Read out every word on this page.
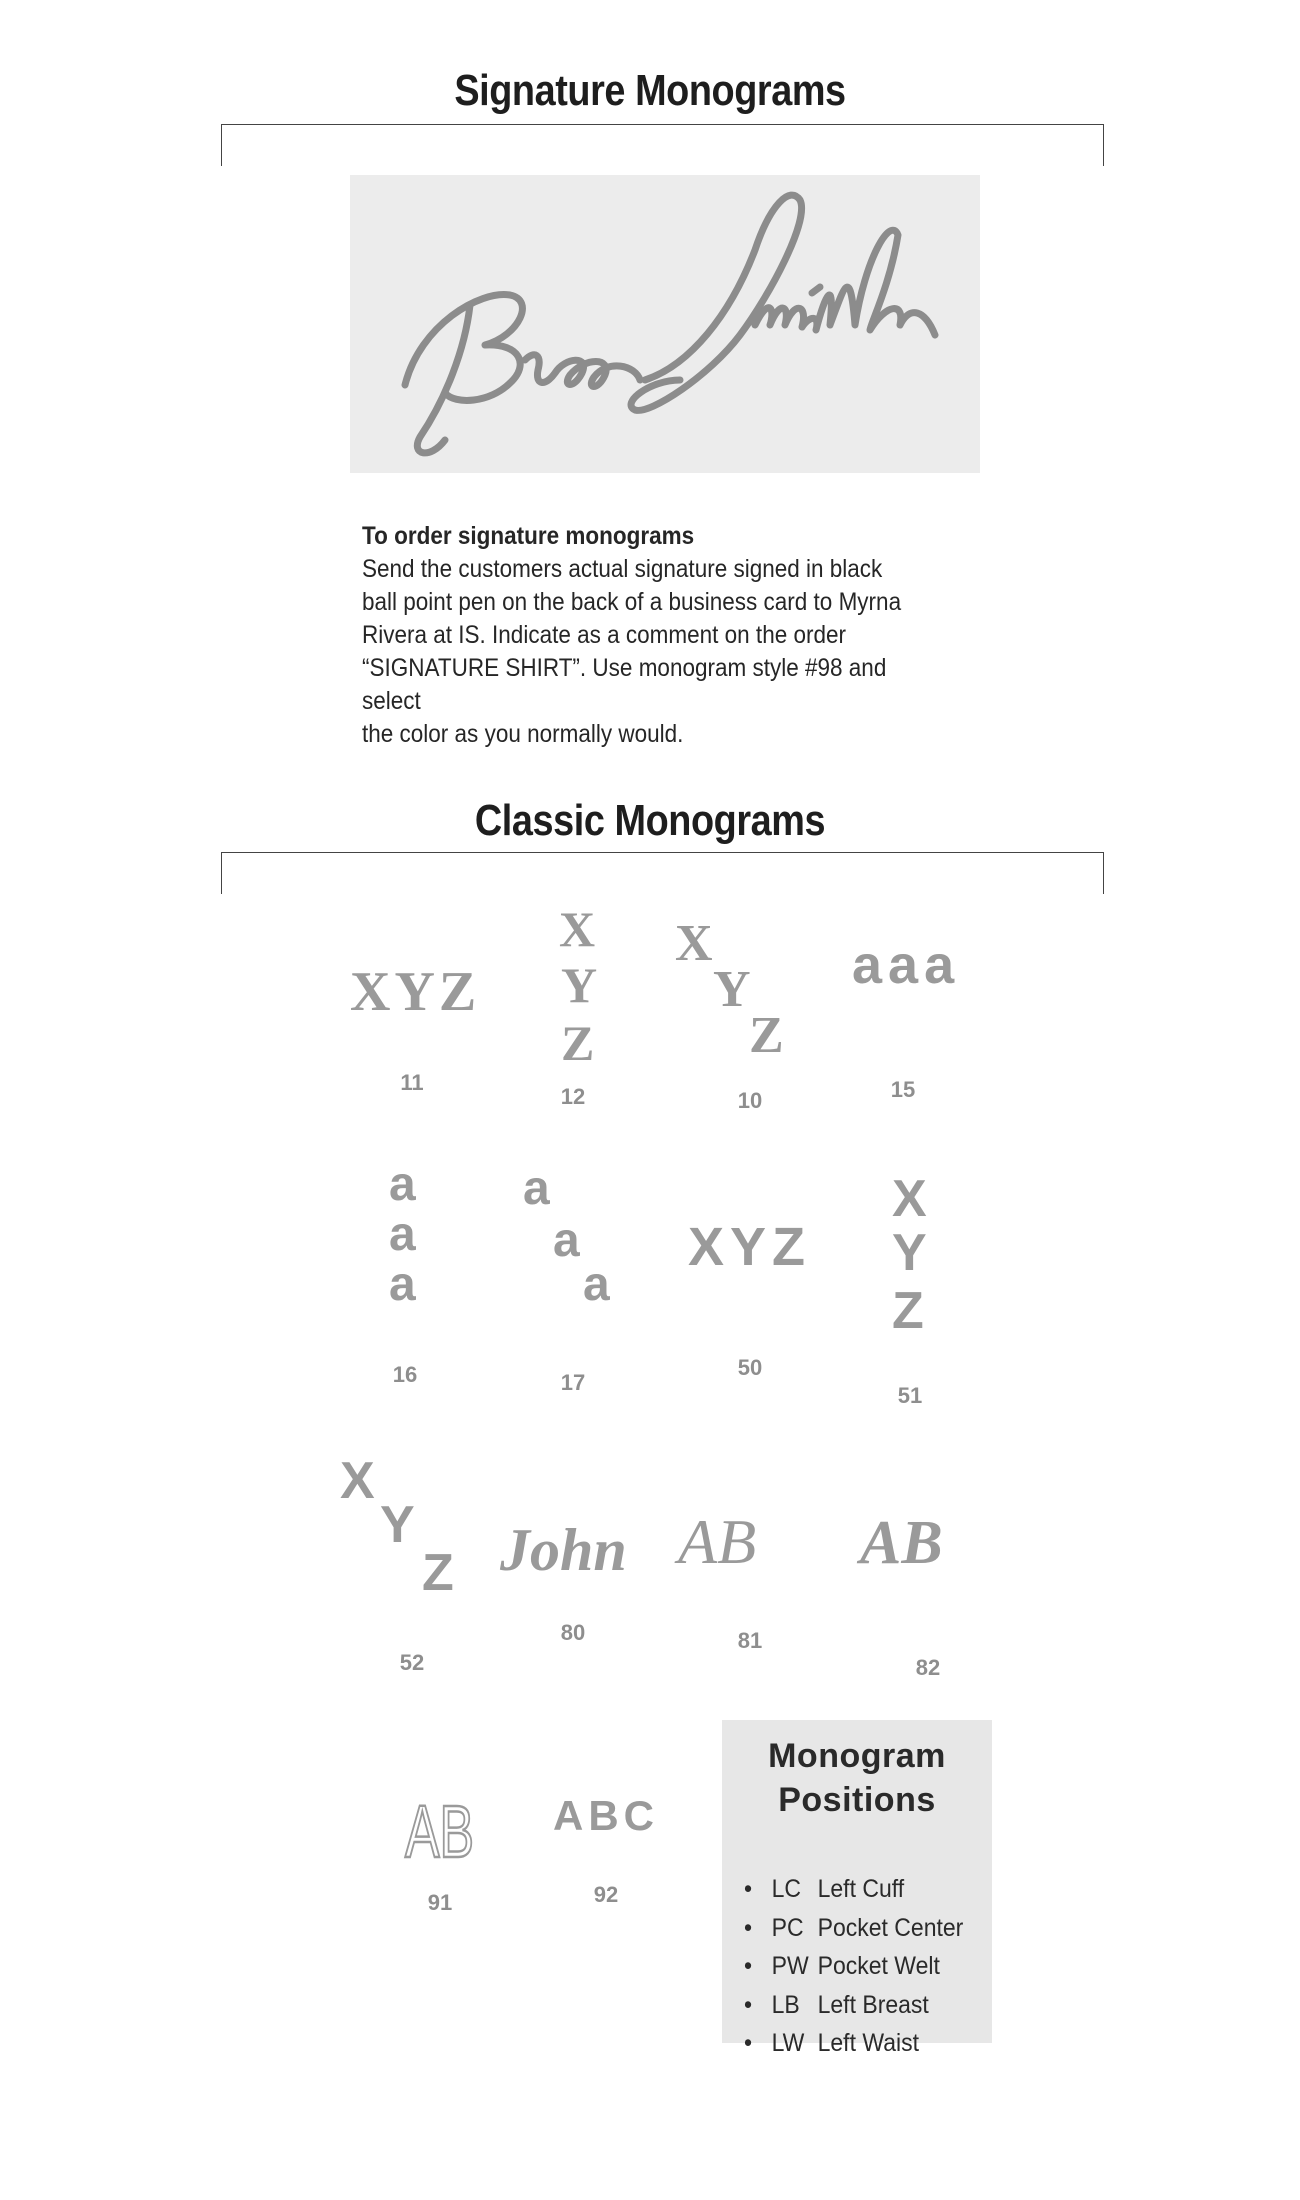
Signature Monograms
To order signature monograms
Send the customers actual signature signed in black
ball point pen on the back of a business card to Myrna
Rivera at IS. Indicate as a comment on the order
“SIGNATURE SHIRT”. Use monogram style #98 and select
the color as you normally would.
Classic Monograms
XYZ
11
X
Y
Z
12
X
Y
Z
10
aaa
15
a
a
a
16
a
a
a
17
XYZ
50
X
Y
Z
51
X
Y
Z
52
John
80
AB
81
AB
82
AB
91
ABC
92
Monogram
Positions
• LC Left Cuff
• PC Pocket Center
• PW Pocket Welt
• LB Left Breast
• LW Left Waist
